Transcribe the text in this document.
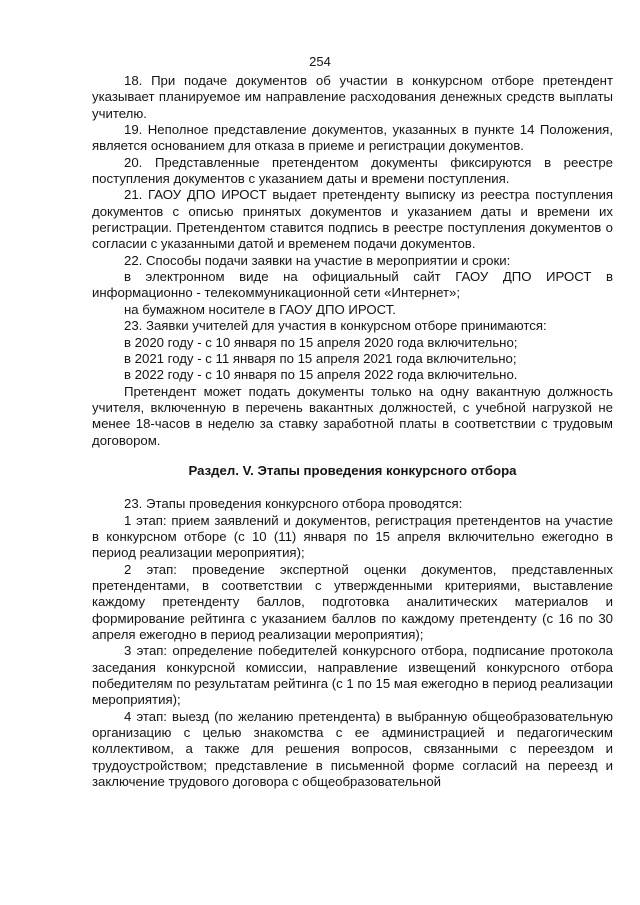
254

18. При подаче документов об участии в конкурсном отборе претендент указывает планируемое им направление расходования денежных средств выплаты учителю.

19. Неполное представление документов, указанных в пункте 14 Положения, является основанием для отказа в приеме и регистрации документов.

20. Представленные претендентом документы фиксируются в реестре поступления документов с указанием даты и времени поступления.

21. ГАОУ ДПО ИРОСТ выдает претенденту выписку из реестра поступления документов с описью принятых документов и указанием даты и времени их регистрации. Претендентом ставится подпись в реестре поступления документов о согласии с указанными датой и временем подачи документов.

22. Способы подачи заявки на участие в мероприятии и сроки:

в электронном виде на официальный сайт ГАОУ ДПО ИРОСТ в информационно - телекоммуникационной сети «Интернет»;

на бумажном носителе в ГАОУ ДПО ИРОСТ.

23. Заявки учителей для участия в конкурсном отборе принимаются:

в 2020 году - с 10 января по 15 апреля 2020 года включительно;

в 2021 году - с 11 января по 15 апреля 2021 года включительно;

в 2022 году - с 10 января по 15 апреля 2022 года включительно.

Претендент может подать документы только на одну вакантную должность учителя, включенную в перечень вакантных должностей, с учебной нагрузкой не менее 18-часов в неделю за ставку заработной платы в соответствии с трудовым договором.

Раздел. V. Этапы проведения конкурсного отбора

23. Этапы проведения конкурсного отбора проводятся:

1 этап: прием заявлений и документов, регистрация претендентов на участие в конкурсном отборе (с 10 (11) января по 15 апреля включительно ежегодно в период реализации мероприятия);

2 этап: проведение экспертной оценки документов, представленных претендентами, в соответствии с утвержденными критериями, выставление каждому претенденту баллов, подготовка аналитических материалов и формирование рейтинга с указанием баллов по каждому претенденту (с 16 по 30 апреля ежегодно в период реализации мероприятия);

3 этап: определение победителей конкурсного отбора, подписание протокола заседания конкурсной комиссии, направление извещений конкурсного отбора победителям по результатам рейтинга (с 1 по 15 мая ежегодно в период реализации мероприятия);

4 этап: выезд (по желанию претендента) в выбранную общеобразовательную организацию с целью знакомства с ее администрацией и педагогическим коллективом, а также для решения вопросов, связанными с переездом и трудоустройством; представление в письменной форме согласий на переезд и заключение трудового договора с общеобразовательной
